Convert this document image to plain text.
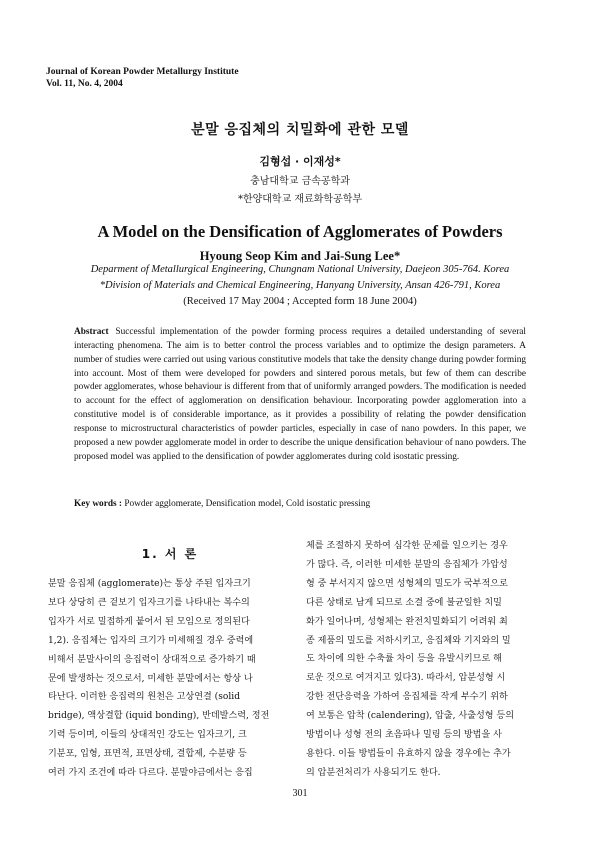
Journal of Korean Powder Metallurgy Institute
Vol. 11, No. 4, 2004
분말 응집체의 치밀화에 관한 모델
김형섭 · 이재성*
충남대학교 금속공학과
*한양대학교 재료화학공학부
A Model on the Densification of Agglomerates of Powders
Hyoung Seop Kim and Jai-Sung Lee*
Deparment of Metallurgical Engineering, Chungnam National University, Daejeon 305-764. Korea
*Division of Materials and Chemical Engineering, Hanyang University, Ansan 426-791, Korea
(Received 17 May 2004 ; Accepted form 18 June 2004)
Abstract Successful implementation of the powder forming process requires a detailed understanding of several interacting phenomena. The aim is to better control the process variables and to optimize the design parameters. A number of studies were carried out using various constitutive models that take the density change during powder forming into account. Most of them were developed for powders and sintered porous metals, but few of them can describe powder agglomerates, whose behaviour is different from that of uniformly arranged powders. The modification is needed to account for the effect of agglomeration on densification behaviour. Incorporating powder agglomeration into a constitutive model is of considerable importance, as it provides a possibility of relating the powder densification response to microstructural characteristics of powder particles, especially in case of nano powders. In this paper, we proposed a new powder agglomerate model in order to describe the unique densification behaviour of nano powders. The proposed model was applied to the densification of powder agglomerates during cold isostatic pressing.
Key words : Powder agglomerate, Densification model, Cold isostatic pressing
1. 서 론
분말 응집체 (agglomerate)는 통상 주된 입자크기
보다 상당히 큰 겉보기 입자크기를 나타내는 복수의
입자가 서로 밀접하게 붙어서 된 모임으로 정의된다
1,2). 응집체는 입자의 크기가 미세해질 경우 중력에
비해서 분말사이의 응집력이 상대적으로 증가하기 때
문에 발생하는 것으로서, 미세한 분말에서는 항상 나
타난다. 이러한 응집력의 원천은 고상연결 (solid
bridge), 액상결합 (iquid bonding), 반데발스력, 정전
기력 등이며, 이들의 상대적인 강도는 입자크기, 크
기분포, 입형, 표면적, 표면상태, 결합제, 수분량 등
여러 가지 조건에 따라 다르다. 분말야금에서는 응집
체를 조절하지 못하여 심각한 문제를 일으키는 경우
가 많다. 즉, 이러한 미세한 분말의 응집체가 가압성
형 중 부서지지 않으면 성형체의 밀도가 국부적으로
다른 상태로 남게 되므로 소결 중에 불균일한 치밀
화가 일어나며, 성형체는 완전치밀화되기 어려워 최
종 제품의 밀도를 저하시키고, 응집체와 기지와의 밀
도 차이에 의한 수축률 차이 등을 유발시키므로 해
로운 것으로 여겨지고 있다3). 따라서, 압분성형 시
강한 전단응력을 가하여 응집체를 작게 부수기 위하
여 보통은 압착 (calendering), 압출, 사출성형 등의
방법이나 성형 전의 초음파나 밀링 등의 방법을 사
용한다. 이들 방법들이 유효하지 않을 경우에는 추가
의 압분전처리가 사용되기도 한다.
301
